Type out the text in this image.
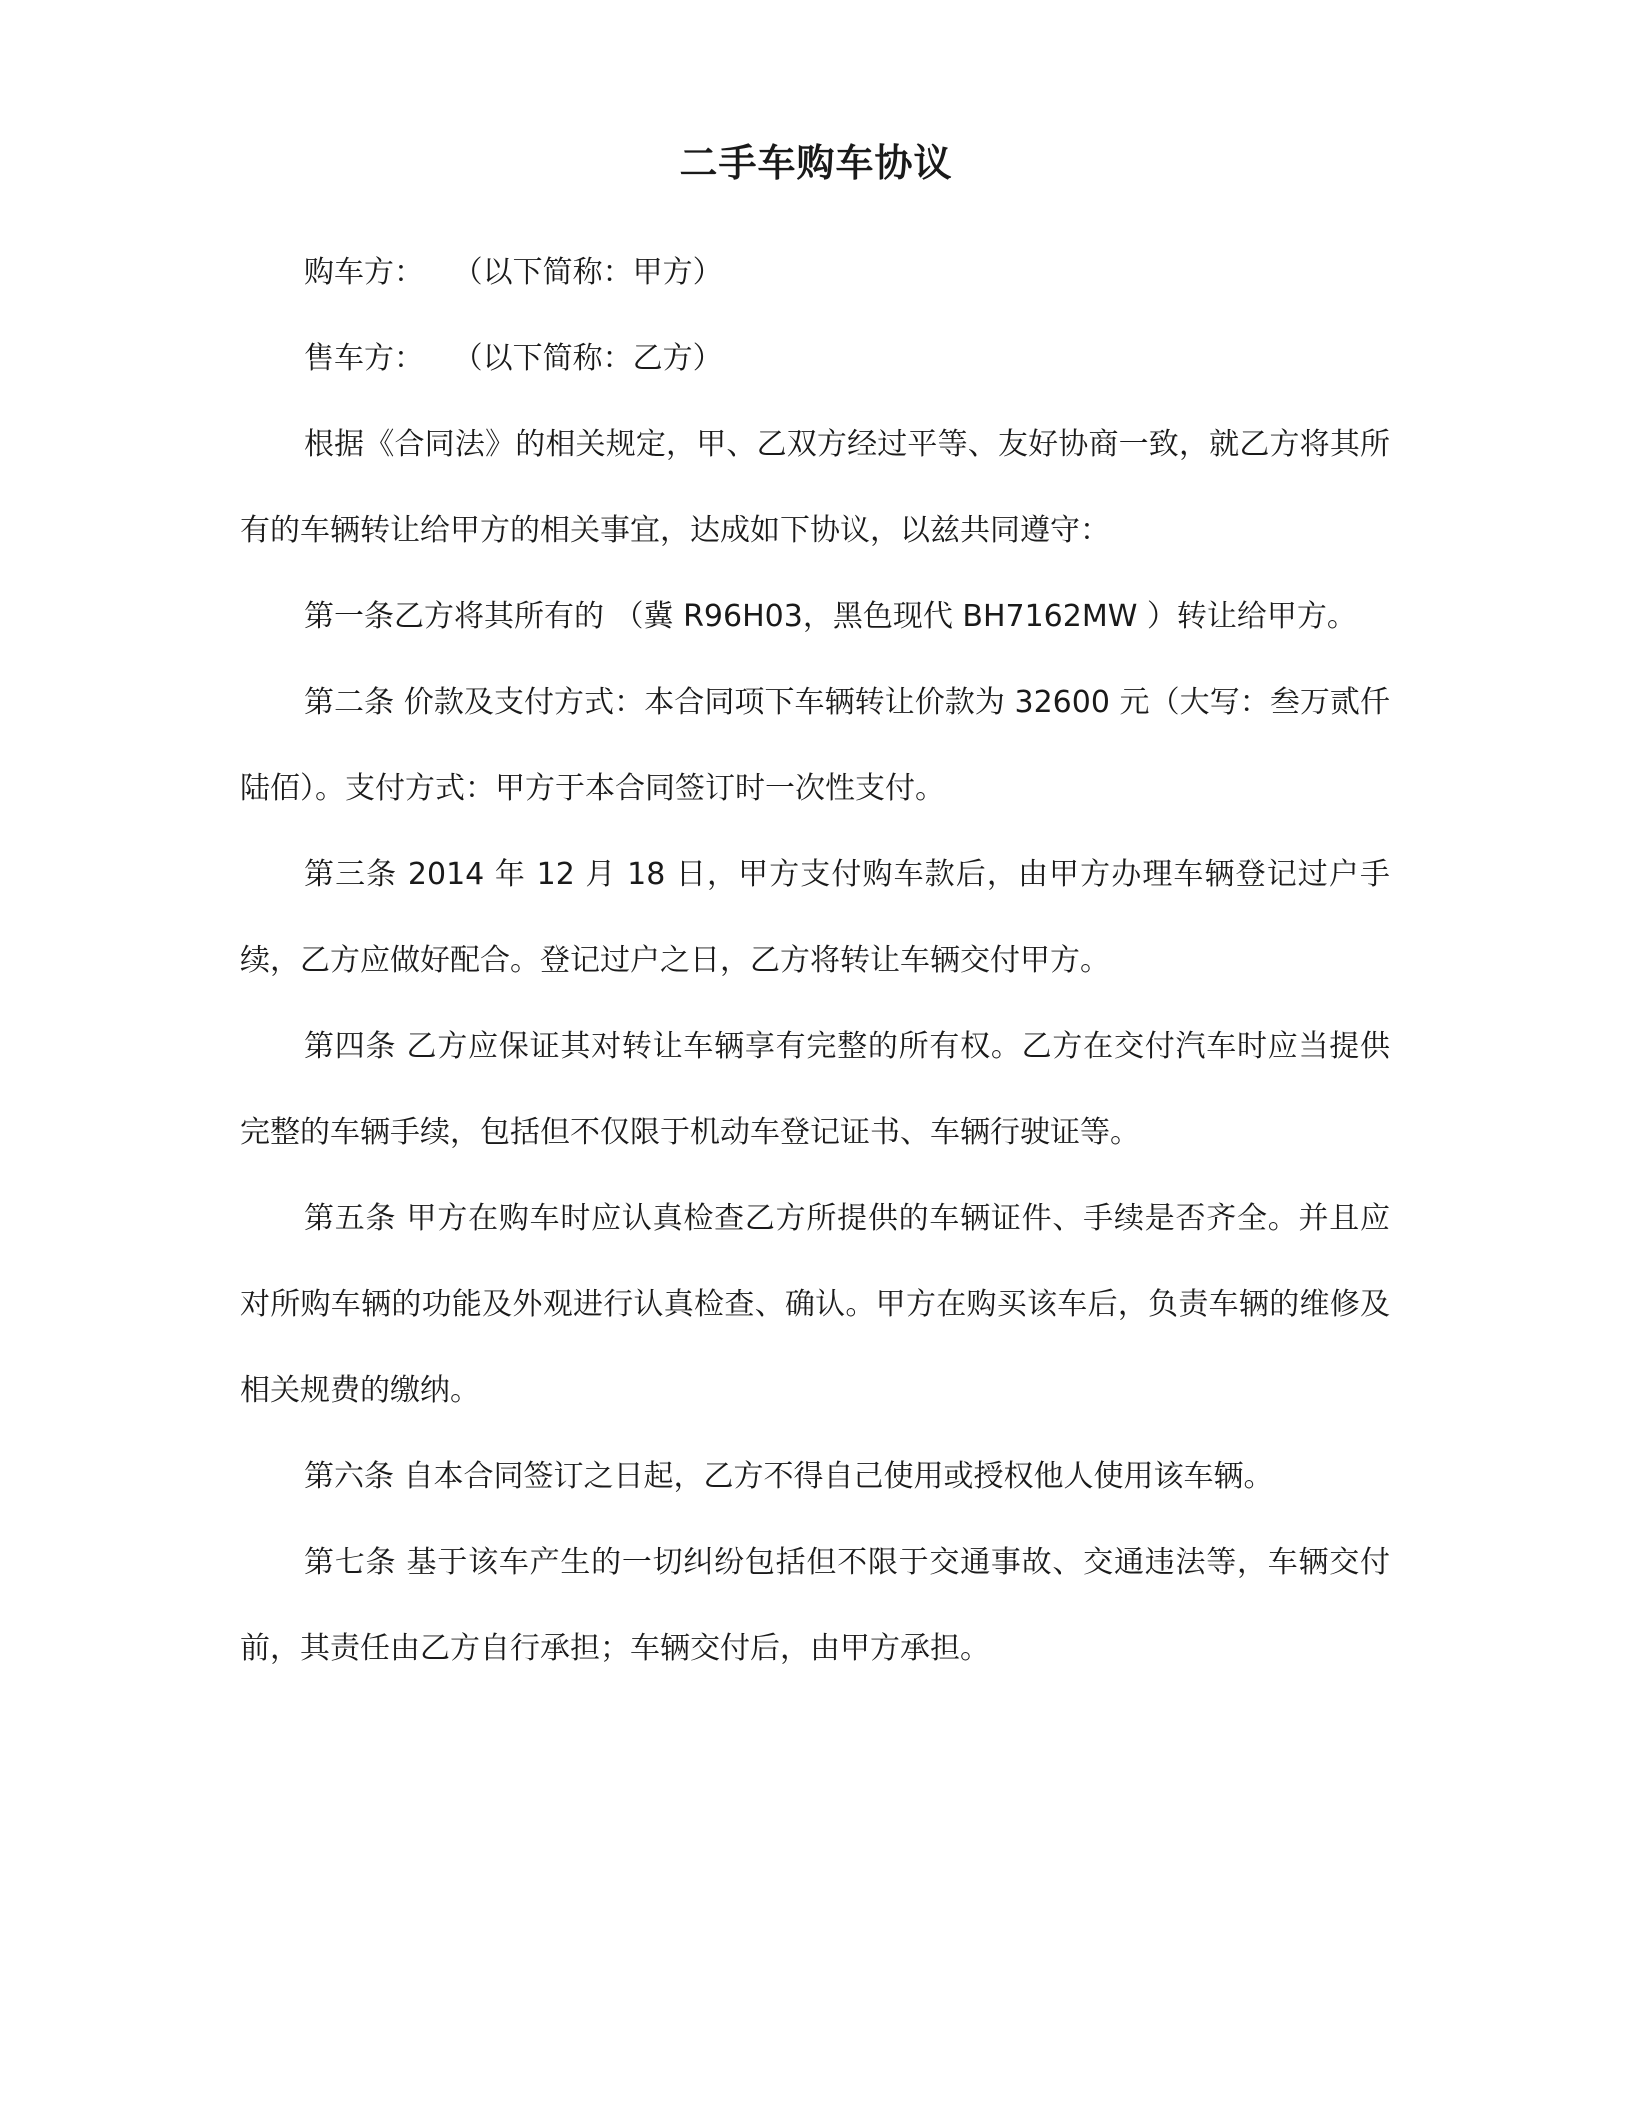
二手车购车协议

购车方：   （以下简称：甲方）

售车方：   （以下简称：乙方）

根据《合同法》的相关规定，甲、乙双方经过平等、友好协商一致，就乙方将其所有的车辆转让给甲方的相关事宜，达成如下协议，以兹共同遵守：

第一条乙方将其所有的 （冀 R96H03，黑色现代 BH7162MW ）转让给甲方。

第二条 价款及支付方式：本合同项下车辆转让价款为 32600 元（大写：叁万贰仟陆佰）。支付方式：甲方于本合同签订时一次性支付。

第三条 2014 年 12 月 18 日，甲方支付购车款后，由甲方办理车辆登记过户手续，乙方应做好配合。登记过户之日，乙方将转让车辆交付甲方。

第四条 乙方应保证其对转让车辆享有完整的所有权。乙方在交付汽车时应当提供完整的车辆手续，包括但不仅限于机动车登记证书、车辆行驶证等。

第五条 甲方在购车时应认真检查乙方所提供的车辆证件、手续是否齐全。并且应对所购车辆的功能及外观进行认真检查、确认。甲方在购买该车后，负责车辆的维修及相关规费的缴纳。

第六条 自本合同签订之日起，乙方不得自己使用或授权他人使用该车辆。

第七条 基于该车产生的一切纠纷包括但不限于交通事故、交通违法等，车辆交付前，其责任由乙方自行承担；车辆交付后，由甲方承担。
